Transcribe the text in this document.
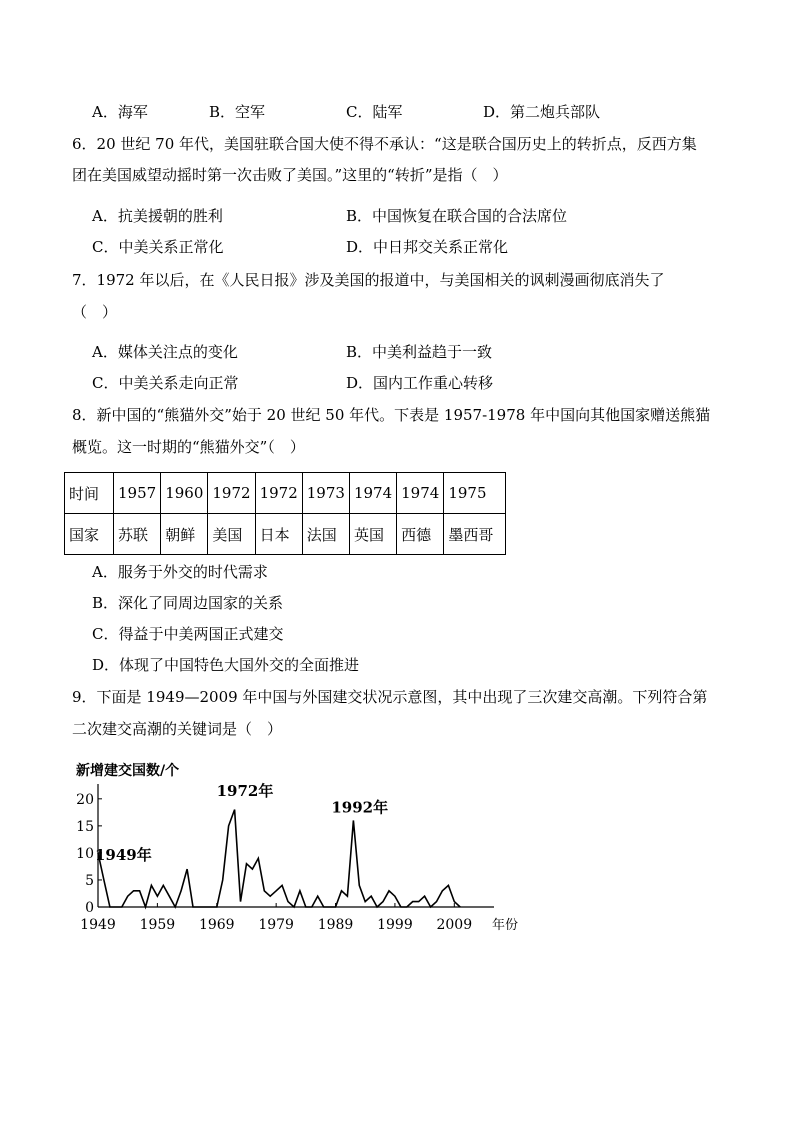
A．海军	B．空军	C．陆军	D．第二炮兵部队
6．20 世纪 70 年代，美国驻联合国大使不得不承认：“这是联合国历史上的转折点，反西方集
团在美国威望动摇时第一次击败了美国。”这里的“转折”是指（　）
A．抗美援朝的胜利	B．中国恢复在联合国的合法席位
C．中美关系正常化	D．中日邦交关系正常化
7．1972 年以后，在《人民日报》涉及美国的报道中，与美国相关的讽刺漫画彻底消失了
（　）
A．媒体关注点的变化	B．中美利益趋于一致
C．中美关系走向正常	D．国内工作重心转移
8．新中国的“熊猫外交”始于 20 世纪 50 年代。下表是 1957-1978 年中国向其他国家赠送熊猫
概览。这一时期的“熊猫外交”（　）
时间	1957	1960	1972	1972	1973	1974	1974	1975
国家	苏联	朝鲜	美国	日本	法国	英国	西德	墨西哥
A．服务于外交的时代需求
B．深化了同周边国家的关系
C．得益于中美两国正式建交
D．体现了中国特色大国外交的全面推进
9．下面是 1949—2009 年中国与外国建交状况示意图，其中出现了三次建交高潮。下列符合第
二次建交高潮的关键词是（　）
新增建交国数/个
0
5
10
15
20
1949 1959 1969 1979 1989 1999 2009
1949年
1972年
1992年
年份
